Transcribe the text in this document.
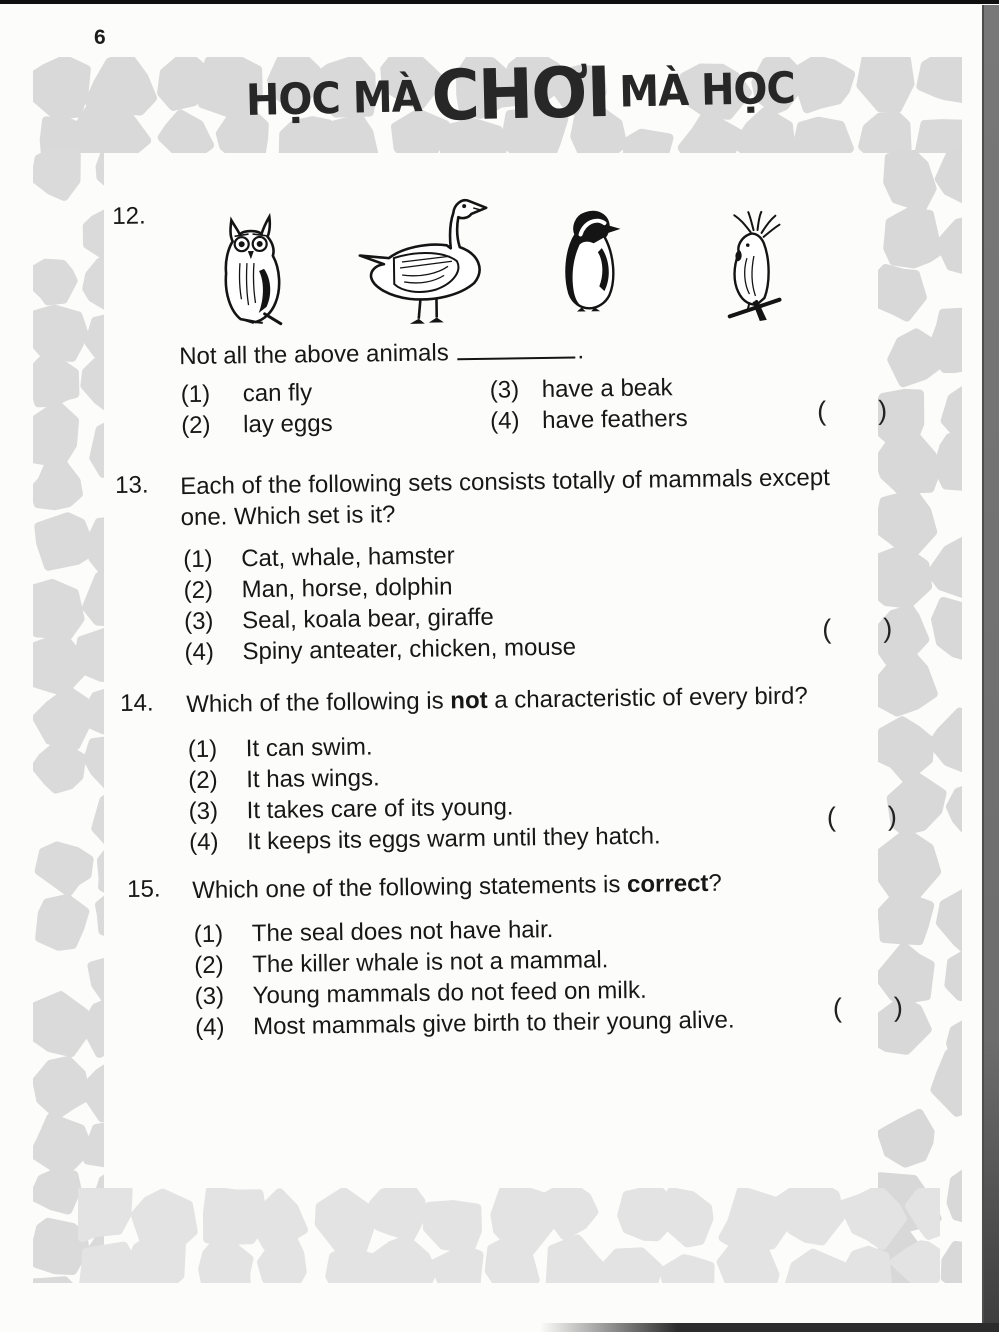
6
HỌC MÀ CHƠI MÀ HỌC
12.
Not all the above animals	.
(1)	can fly	(3) have a beak
(2)	lay eggs	(4) have feathers	( )
13. Each of the following sets consists totally of mammals except
one. Which set is it?
(1) Cat, whale, hamster
(2) Man, horse, dolphin
(3) Seal, koala bear, giraffe
(4) Spiny anteater, chicken, mouse
( )
14. Which of the following is not a characteristic of every bird?
(1) It can swim.
(2) It has wings.
(3) It takes care of its young.
(4) It keeps its eggs warm until they hatch.
( )
15. Which one of the following statements is correct?
(1) The seal does not have hair.
(2) The killer whale is not a mammal.
(3) Young mammals do not feed on milk.
(4) Most mammals give birth to their young alive.	( )
